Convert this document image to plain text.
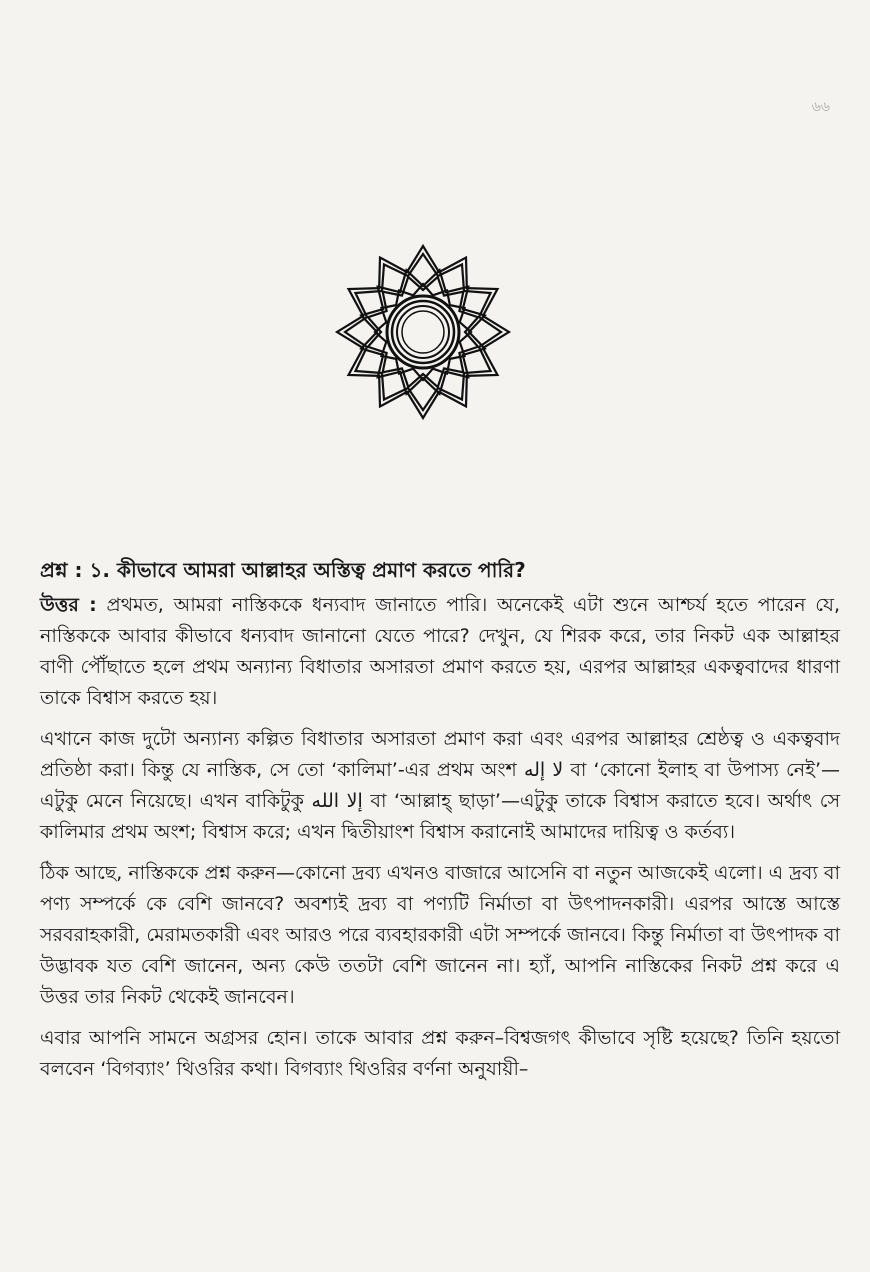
৬৬

প্রশ্ন : ১. কীভাবে আমরা আল্লাহর অস্তিত্ব প্রমাণ করতে পারি?

উত্তর : প্রথমত, আমরা নাস্তিককে ধন্যবাদ জানাতে পারি। অনেকেই এটা শুনে আশ্চর্য হতে পারেন যে, নাস্তিককে আবার কীভাবে ধন্যবাদ জানানো যেতে পারে? দেখুন, যে শিরক করে, তার নিকট এক আল্লাহর বাণী পৌঁছাতে হলে প্রথম অন্যান্য বিধাতার অসারতা প্রমাণ করতে হয়, এরপর আল্লাহর একত্ববাদের ধারণা তাকে বিশ্বাস করতে হয়।

এখানে কাজ দুটো অন্যান্য কল্পিত বিধাতার অসারতা প্রমাণ করা এবং এরপর আল্লাহর শ্রেষ্ঠত্ব ও একত্ববাদ প্রতিষ্ঠা করা। কিন্তু যে নাস্তিক, সে তো ‘কালিমা’-এর প্রথম অংশ لا إله বা ‘কোনো ইলাহ বা উপাস্য নেই’—এটুকু মেনে নিয়েছে। এখন বাকিটুকু إلا الله বা ‘আল্লাহ্‌ ছাড়া’—এটুকু তাকে বিশ্বাস করাতে হবে। অর্থাৎ সে কালিমার প্রথম অংশ; বিশ্বাস করে; এখন দ্বিতীয়াংশ বিশ্বাস করানোই আমাদের দায়িত্ব ও কর্তব্য।

ঠিক আছে, নাস্তিককে প্রশ্ন করুন—কোনো দ্রব্য এখনও বাজারে আসেনি বা নতুন আজকেই এলো। এ দ্রব্য বা পণ্য সম্পর্কে কে বেশি জানবে? অবশ্যই দ্রব্য বা পণ্যটি নির্মাতা বা উৎপাদনকারী। এরপর আস্তে আস্তে সরবরাহকারী, মেরামতকারী এবং আরও পরে ব্যবহারকারী এটা সম্পর্কে জানবে। কিন্তু নির্মাতা বা উৎপাদক বা উদ্ভাবক যত বেশি জানেন, অন্য কেউ ততটা বেশি জানেন না। হ্যাঁ, আপনি নাস্তিকের নিকট প্রশ্ন করে এ উত্তর তার নিকট থেকেই জানবেন।

এবার আপনি সামনে অগ্রসর হোন। তাকে আবার প্রশ্ন করুন–বিশ্বজগৎ কীভাবে সৃষ্টি হয়েছে? তিনি হয়তো বলবেন ‘বিগব্যাং’ থিওরির কথা। বিগব্যাং থিওরির বর্ণনা অনুযায়ী–
